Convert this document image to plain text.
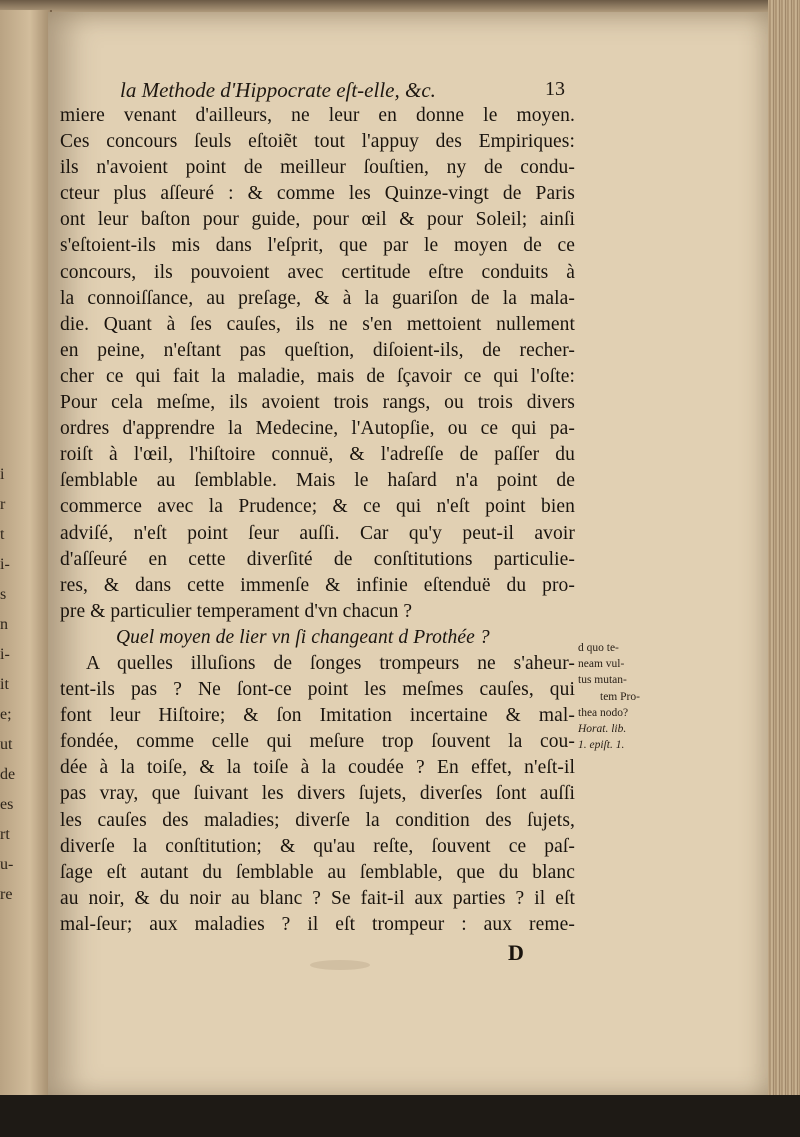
i
r
t
i-
s
n
i-
it
e;
ut
de
es
rt
u-
re
la Methode d'Hippocrate eſt-elle, &c.	13
miere venant d'ailleurs, ne leur en donne le moyen.
Ces concours ſeuls eſtoiẽt tout l'appuy des Empiriques:
ils n'avoient point de meilleur ſouſtien, ny de condu-
cteur plus aſſeuré : & comme les Quinze-vingt de Paris
ont leur baſton pour guide, pour œil & pour Soleil; ainſi
s'eſtoient-ils mis dans l'eſprit, que par le moyen de ce
concours, ils pouvoient avec certitude eſtre conduits à
la connoiſſance, au preſage, & à la guariſon de la mala-
die. Quant à ſes cauſes, ils ne s'en mettoient nullement
en peine, n'eſtant pas queſtion, diſoient-ils, de recher-
cher ce qui fait la maladie, mais de ſçavoir ce qui l'oſte:
Pour cela meſme, ils avoient trois rangs, ou trois divers
ordres d'apprendre la Medecine, l'Autopſie, ou ce qui pa-
roiſt à l'œil, l'hiſtoire connuë, & l'adreſſe de paſſer du
ſemblable au ſemblable. Mais le haſard n'a point de
commerce avec la Prudence; & ce qui n'eſt point bien
adviſé, n'eſt point ſeur auſſi. Car qu'y peut-il avoir
d'aſſeuré en cette diverſité de conſtitutions particulie-
res, & dans cette immenſe & infinie eſtenduë du pro-
pre & particulier temperament d'vn chacun ?
Quel moyen de lier vn ſi changeant d Prothée ?
A quelles illuſions de ſonges trompeurs ne s'aheur-
tent-ils pas ? Ne ſont-ce point les meſmes cauſes, qui
font leur Hiſtoire; & ſon Imitation incertaine & mal-
fondée, comme celle qui meſure trop ſouvent la cou-
dée à la toiſe, & la toiſe à la coudée ? En effet, n'eſt-il
pas vray, que ſuivant les divers ſujets, diverſes ſont auſſi
les cauſes des maladies; diverſe la condition des ſujets,
diverſe la conſtitution; & qu'au reſte, ſouvent ce paſ-
ſage eſt autant du ſemblable au ſemblable, que du blanc
au noir, & du noir au blanc ? Se fait-il aux parties ? il eſt
mal-ſeur; aux maladies ? il eſt trompeur : aux reme-
d quo te-
neam vul-
tus mutan-
tem Pro-
thea nodo?
Horat. lib.
1. epiſt. 1.
D
